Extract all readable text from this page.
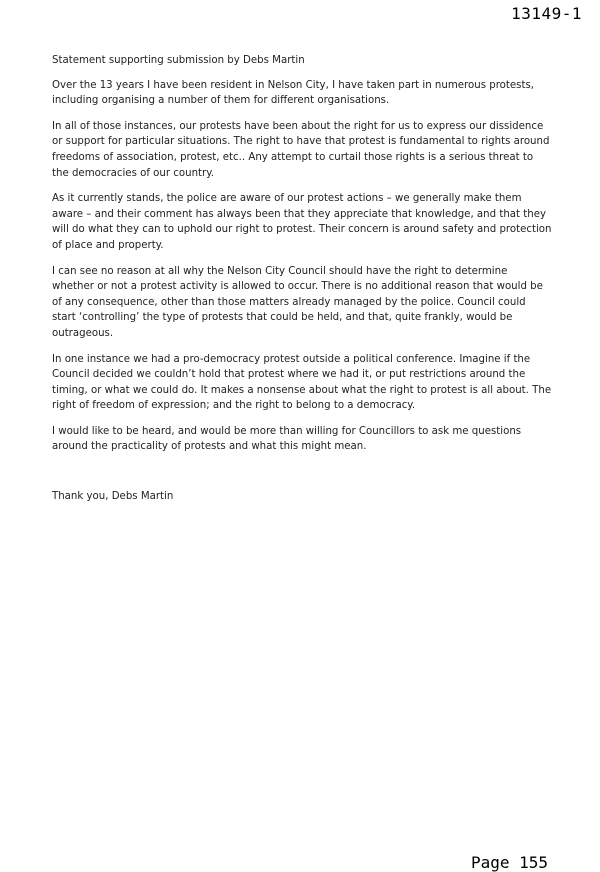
13149-1

Statement supporting submission by Debs Martin

Over the 13 years I have been resident in Nelson City, I have taken part in numerous protests, including organising a number of them for different organisations.

In all of those instances, our protests have been about the right for us to express our dissidence or support for particular situations. The right to have that protest is fundamental to rights around freedoms of association, protest, etc.. Any attempt to curtail those rights is a serious threat to the democracies of our country.

As it currently stands, the police are aware of our protest actions – we generally make them aware – and their comment has always been that they appreciate that knowledge, and that they will do what they can to uphold our right to protest. Their concern is around safety and protection of place and property.

I can see no reason at all why the Nelson City Council should have the right to determine whether or not a protest activity is allowed to occur. There is no additional reason that would be of any consequence, other than those matters already managed by the police. Council could start ‘controlling’ the type of protests that could be held, and that, quite frankly, would be outrageous.

In one instance we had a pro-democracy protest outside a political conference. Imagine if the Council decided we couldn’t hold that protest where we had it, or put restrictions around the timing, or what we could do. It makes a nonsense about what the right to protest is all about. The right of freedom of expression; and the right to belong to a democracy.

I would like to be heard, and would be more than willing for Councillors to ask me questions around the practicality of protests and what this might mean.

Thank you, Debs Martin

Page 155
